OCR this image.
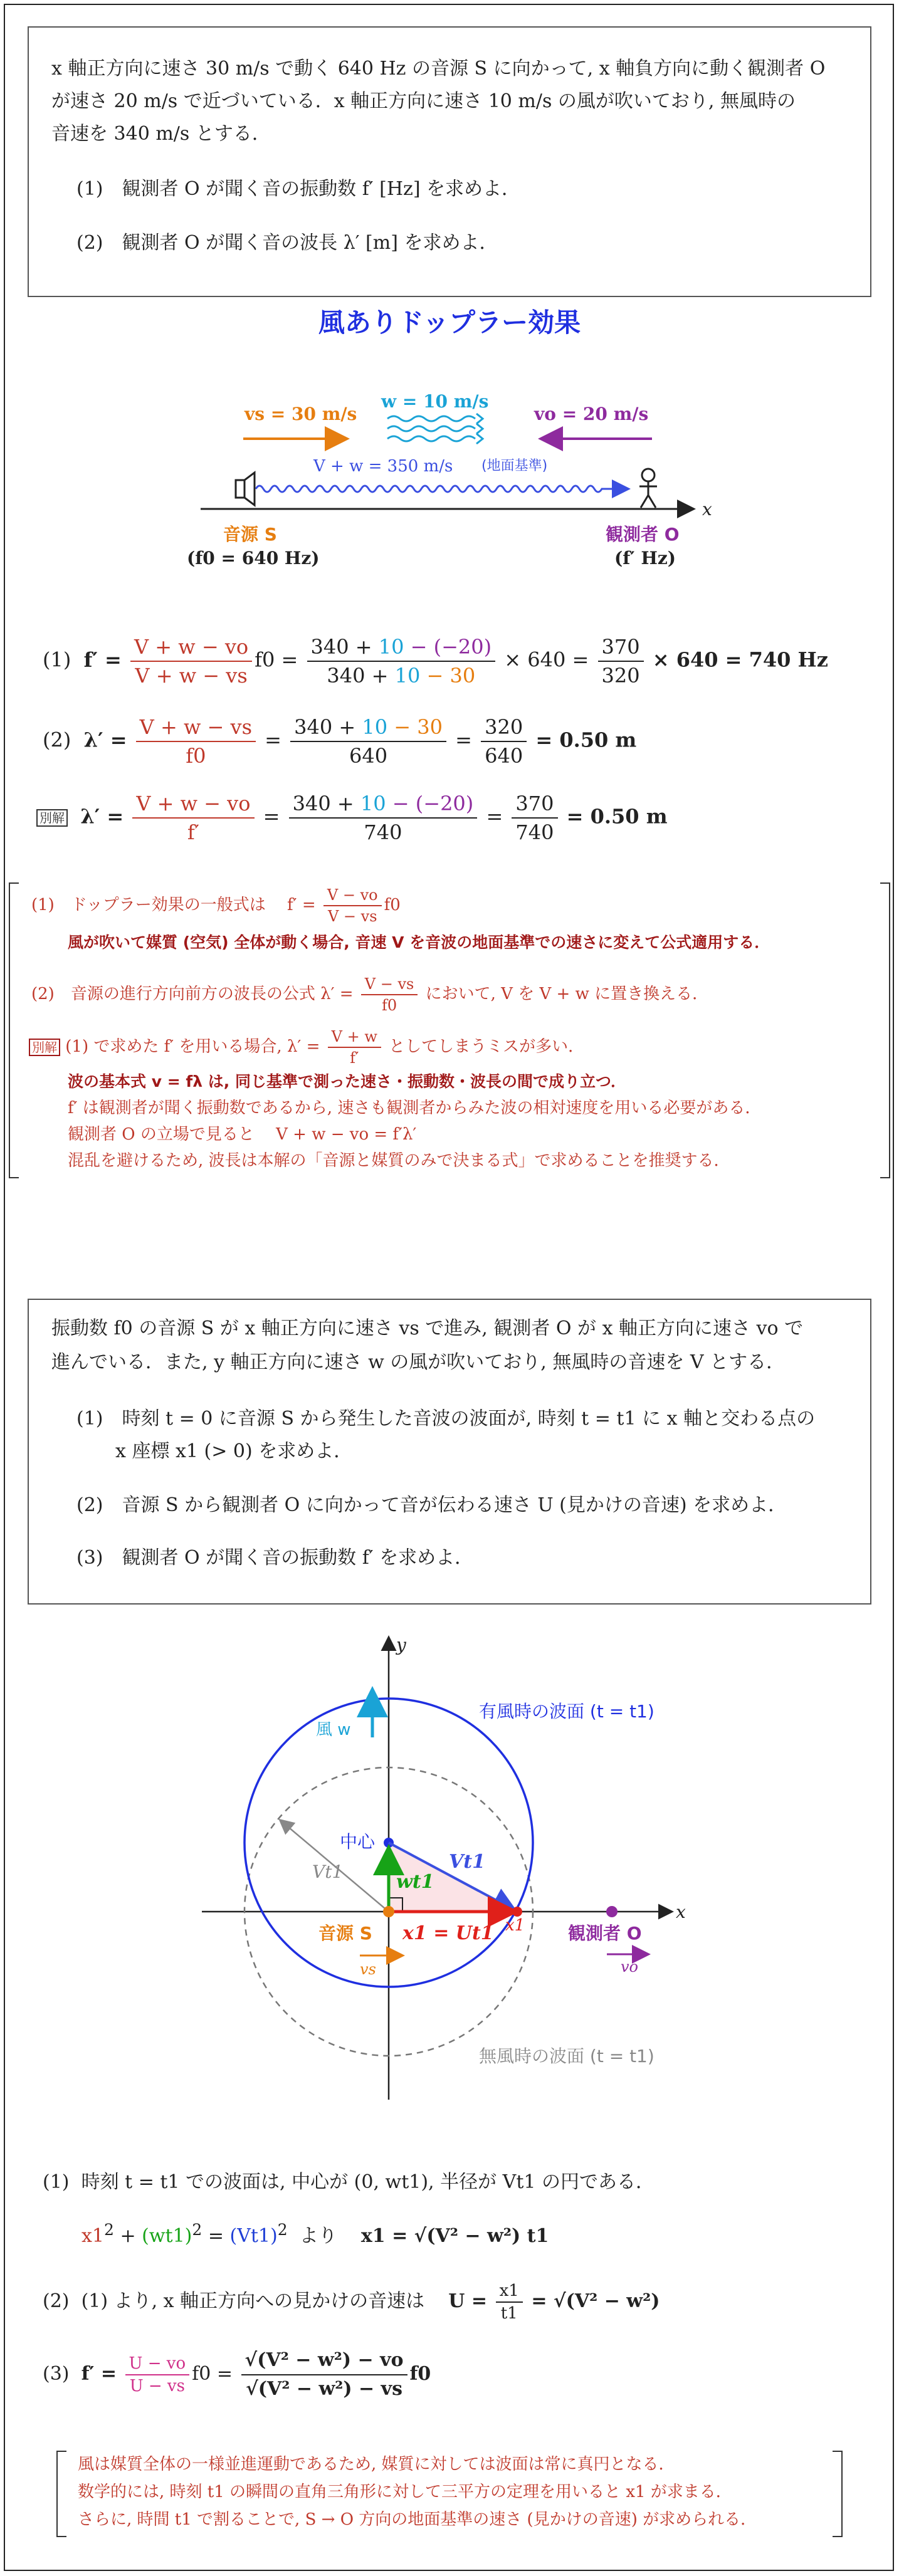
x 軸正方向に速さ 30 m/s で動く 640 Hz の音源 S に向かって, x 軸負方向に動く観測者 O
が速さ 20 m/s で近づいている．x 軸正方向に速さ 10 m/s の風が吹いており, 無風時の
音速を 340 m/s とする．
(1)　観測者 O が聞く音の振動数 f′ [Hz] を求めよ．
(2)　観測者 O が聞く音の波長 λ′ [m] を求めよ．
風ありドップラー効果
vs = 30 m/s
w = 10 m/s
vo = 20 m/s
V + w = 350 m/s (地面基準)
x
音源 S
(f0 = 640 Hz)
観測者 O
(f′ Hz)
(1) $f' = \frac{V + w - vo}{V + w - vs} f0 = \frac{340 + 10 - (-20)}{340 + 10 - 30} \times 640 = \frac{370}{320} \times 640 = 740$ Hz
(2) $\lambda' = \frac{V + w - vs}{f0} = \frac{340 + 10 - 30}{640} = \frac{320}{640} = 0.50$ m
別解 $\lambda' = \frac{V + w - vo}{f'} = \frac{340 + 10 - (-20)}{740} = \frac{370}{740} = 0.50$ m
(1)　ドップラー効果の一般式は　 $f' = \frac{V - vo}{V - vs} f0$
風が吹いて媒質 (空気) 全体が動く場合, 音速 V を音波の地面基準での速さに変えて公式適用する．
(2)　音源の進行方向前方の波長の公式 $\lambda' = \frac{V - vs}{f0}$ において, V を V + w に置き換える．
別解 (1) で求めた f′ を用いる場合, $\lambda' = \frac{V + w}{f'}$ としてしまうミスが多い．
波の基本式 v = fλ は, 同じ基準で測った速さ・振動数・波長の間で成り立つ．
f′ は観測者が聞く振動数であるから, 速さも観測者からみた波の相対速度を用いる必要がある．
観測者 O の立場で見ると　 V + w − vo = f′λ′
混乱を避けるため, 波長は本解の「音源と媒質のみで決まる式」で求めることを推奨する．
振動数 f0 の音源 S が x 軸正方向に速さ vs で進み, 観測者 O が x 軸正方向に速さ vo で
進んでいる．また, y 軸正方向に速さ w の風が吹いており, 無風時の音速を V とする．
(1)　時刻 t = 0 に音源 S から発生した音波の波面が, 時刻 t = t1 に x 軸と交わる点の
x 座標 x1 (> 0) を求めよ．
(2)　音源 S から観測者 O に向かって音が伝わる速さ U (見かけの音速) を求めよ．
(3)　観測者 O が聞く音の振動数 f′ を求めよ．
y
x
風 w
有風時の波面 (t = t1)
無風時の波面 (t = t1)
Vt1
中心
Vt1
wt1
x1
x1 = Ut1
音源 S
vs
観測者 O
vo
(1) 時刻 t = t1 での波面は, 中心が (0, wt1), 半径が Vt1 の円である．
$x1^2 + (wt1)^2 = (Vt1)^2$ より x1 = √(V² − w²) t1
(2) (1) より, x 軸正方向への見かけの音速は $U = \frac{x1}{t1} = √(V^2 - w^2)$
(3) $f' = \frac{U - vo}{U - vs} f0 = \frac{\text{√(V² − w²) − vo}}{\text{√(V² − w²) − vs}} f0$
風は媒質全体の一様並進運動であるため, 媒質に対しては波面は常に真円となる．
数学的には, 時刻 t1 の瞬間の直角三角形に対して三平方の定理を用いると x1 が求まる．
さらに, 時間 t1 で割ることで, S → O 方向の地面基準の速さ (見かけの音速) が求められる．
